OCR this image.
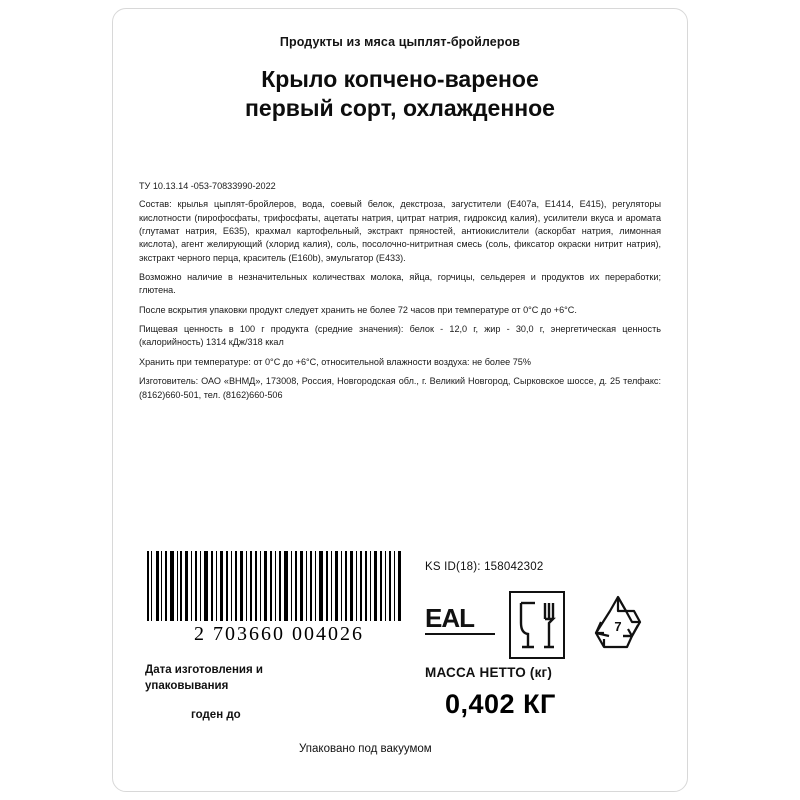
Продукты из мяса цыплят-бройлеров
Крыло копчено-вареное
первый сорт, охлажденное

ТУ 10.13.14 -053-70833990-2022

Состав: крылья цыплят-бройлеров, вода, соевый белок, декстроза, загустители (Е407а, Е1414, Е415), регуляторы кислотности (пирофосфаты, трифосфаты, ацетаты натрия, цитрат натрия, гидроксид калия), усилители вкуса и аромата (глутамат натрия, Е635), крахмал картофельный, экстракт пряностей, антиокислители (аскорбат натрия, лимонная кислота), агент желирующий (хлорид калия), соль, посолочно-нитритная смесь (соль, фиксатор окраски нитрит натрия), экстракт черного перца, краситель (Е160b), эмульгатор (Е433).

Возможно наличие в незначительных количествах молока, яйца, горчицы, сельдерея и продуктов их переработки; глютена.

После вскрытия упаковки продукт следует хранить не более 72 часов при температуре от 0°С до +6°С.

Пищевая ценность в 100 г продукта (средние значения): белок - 12,0 г, жир - 30,0 г, энергетическая ценность (калорийность) 1314 кДж/318 ккал

Хранить при температуре: от 0°С до +6°С, относительной влажности воздуха: не более 75%

Изготовитель: ОАО «ВНМД», 173008, Россия, Новгородская обл., г. Великий Новгород, Сырковское шоссе, д. 25 телфакс: (8162)660-501, тел. (8162)660-506

2 703660 004026
KS ID(18): 158042302
EAL	7
МАССА НЕТТО (кг)
0,402 КГ
Дата изготовления и упаковывания
годен до
Упаковано под вакуумом
